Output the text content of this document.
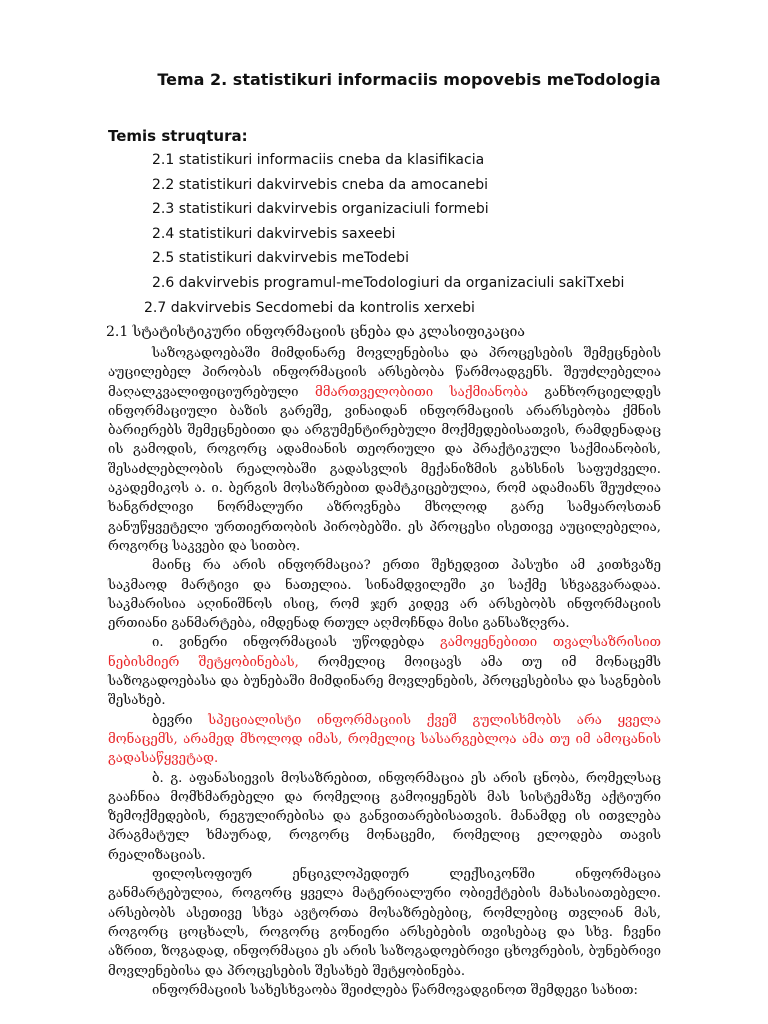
Tema 2. statistikuri informaciis mopovebis meTodologia
Temis struqtura:
2.1 statistikuri informaciis cneba da klasifikacia
2.2 statistikuri dakvirvebis cneba da amocanebi
2.3 statistikuri dakvirvebis organizaciuli formebi
2.4 statistikuri dakvirvebis saxeebi
2.5 statistikuri dakvirvebis meTodebi
2.6 dakvirvebis programul-meTodologiuri da organizaciuli sakiTxebi
2.7 dakvirvebis Secdomebi da kontrolis xerxebi
2.1 სტატისტიკური ინფორმაციის ცნება და კლასიფიკაცია

საზოგადოებაში მიმდინარე მოვლენებისა და პროცესების შემეცნების აუცილებელ პირობას ინფორმაციის არსებობა წარმოადგენს. შეუძლებელია მაღალკვალიფიციურებული მმართველობითი საქმიანობა განხორციელდეს ინფორმაციული ბაზის გარეშე, ვინაიდან ინფორმაციის არარსებობა ქმნის ბარიერებს შემეცნებითი და არგუმენტირებული მოქმედებისათვის, რამდენადაც ის გამოდის, როგორც ადამიანის თეორიული და პრაქტიკული საქმიანობის, შესაძლებლობის რეალობაში გადასვლის მექანიზმის გახსნის საფუძველი. აკადემიკოს ა. ი. ბერგის მოსაზრებით დამტკიცებულია, რომ ადამიანს შეუძლია ხანგრძლივი ნორმალური აზროვნება მხოლოდ გარე სამყაროსთან განუწყვეტელი ურთიერთობის პირობებში. ეს პროცესი ისეთივე აუცილებელია, როგორც საკვები და სითბო.

მაინც რა არის ინფორმაცია? ერთი შეხედვით პასუხი ამ კითხვაზე საკმაოდ მარტივი და ნათელია. სინამდვილეში კი საქმე სხვაგვარადაა. საკმარისია აღინიშნოს ისიც, რომ ჯერ კიდევ არ არსებობს ინფორმაციის ერთიანი განმარტება, იმდენად რთულ აღმოჩნდა მისი განსაზღვრა.

ი. ვინერი ინფორმაციას უწოდებდა გამოყენებითი თვალსაზრისით ნებისმიერ შეტყობინებას, რომელიც მოიცავს ამა თუ იმ მონაცემს საზოგადოებასა და ბუნებაში მიმდინარე მოვლენების, პროცესებისა და საგნების შესახებ.

ბევრი სპეციალისტი ინფორმაციის ქვეშ გულისხმობს არა ყველა მონაცემს, არამედ მხოლოდ იმას, რომელიც სასარგებლოა ამა თუ იმ ამოცანის გადასაწყვეტად.

ბ. გ. აფანასიევის მოსაზრებით, ინფორმაცია ეს არის ცნობა, რომელსაც გააჩნია მომხმარებელი და რომელიც გამოიყენებს მას სისტემაზე აქტიური ზემოქმედების, რეგულირებისა და განვითარებისათვის. მანამდე ის ითვლება პრაგმატულ ხმაურად, როგორც მონაცემი, რომელიც ელოდება თავის რეალიზაციას.

ფილოსოფიურ ენციკლოპედიურ ლექსიკონში ინფორმაცია განმარტებულია, როგორც ყველა მატერიალური ობიექტების მახასიათებელი. არსებობს ასეთივე სხვა ავტორთა მოსაზრებებიც, რომლებიც თვლიან მას, როგორც ცოცხალს, როგორც გონიერი არსებების თვისებაც და სხვ. ჩვენი აზრით, ზოგადად, ინფორმაცია ეს არის საზოგადოებრივი ცხოვრების, ბუნებრივი მოვლენებისა და პროცესების შესახებ შეტყობინება.

ინფორმაციის სახესხვაობა შეიძლება წარმოვადგინოთ შემდეგი სახით:
